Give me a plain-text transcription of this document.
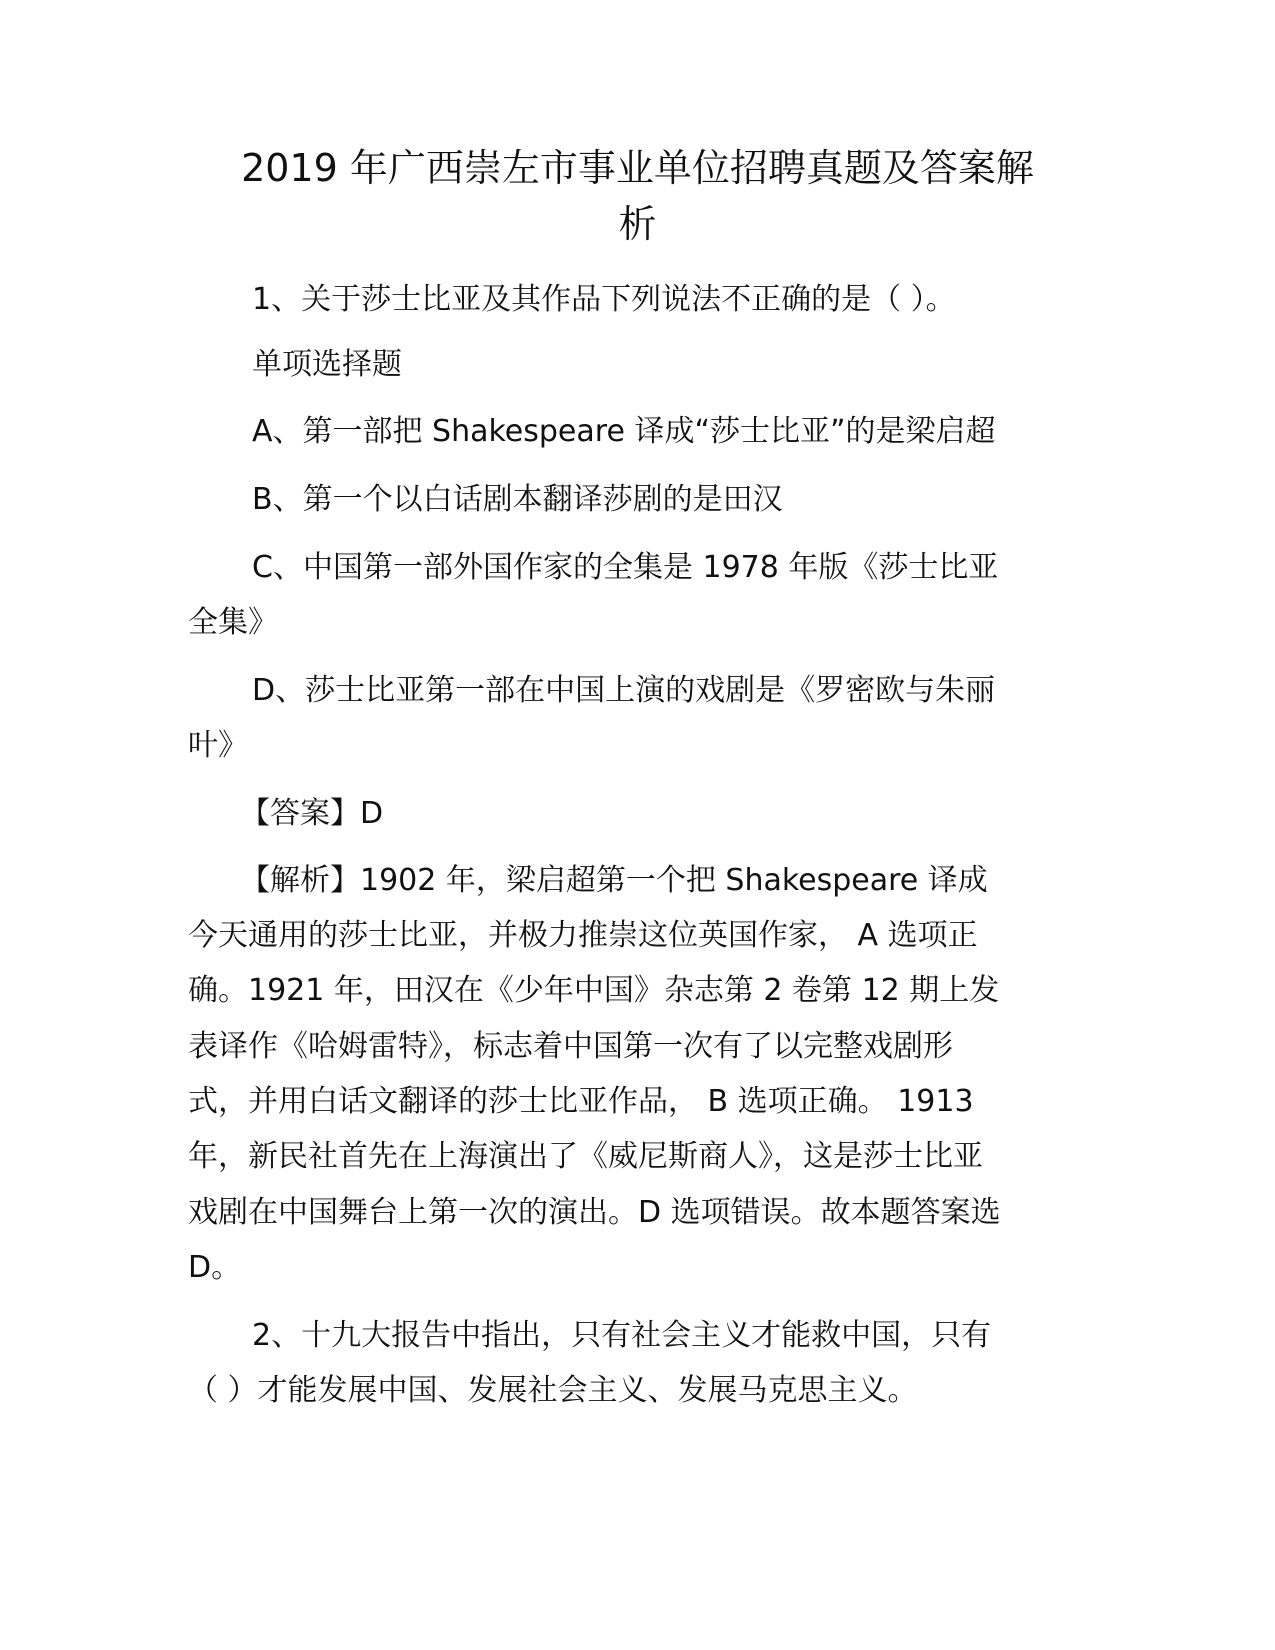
2019 年广西崇左市事业单位招聘真题及答案解
析
1、关于莎士比亚及其作品下列说法不正确的是（ ）。
单项选择题
A、第一部把 Shakespeare 译成“莎士比亚”的是梁启超
B、第一个以白话剧本翻译莎剧的是田汉
C、中国第一部外国作家的全集是 1978 年版《莎士比亚
全集》
D、莎士比亚第一部在中国上演的戏剧是《罗密欧与朱丽
叶》
【答案】D
【解析】1902 年，梁启超第一个把 Shakespeare 译成
今天通用的莎士比亚，并极力推崇这位英国作家， A 选项正
确。1921 年，田汉在《少年中国》杂志第 2 卷第 12 期上发
表译作《哈姆雷特》，标志着中国第一次有了以完整戏剧形
式，并用白话文翻译的莎士比亚作品， B 选项正确。 1913
年，新民社首先在上海演出了《威尼斯商人》，这是莎士比亚
戏剧在中国舞台上第一次的演出。D 选项错误。故本题答案选
D。
2、十九大报告中指出，只有社会主义才能救中国，只有
（ ）才能发展中国、发展社会主义、发展马克思主义。
